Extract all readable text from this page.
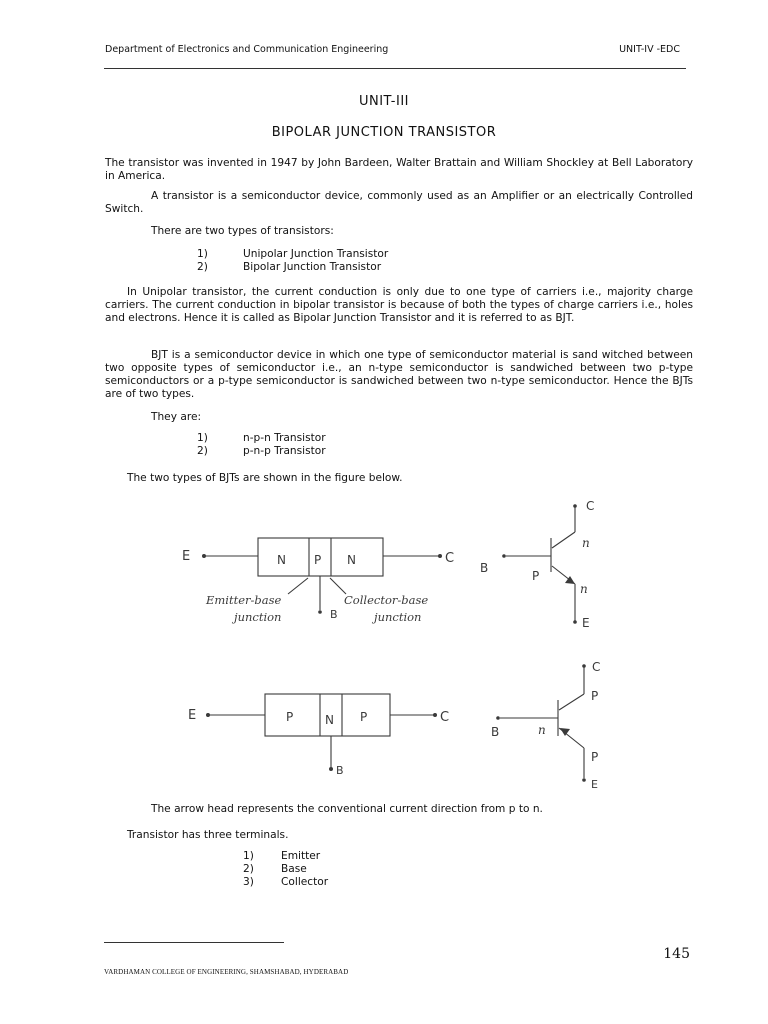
Department of Electronics and Communication Engineering	UNIT-IV -EDC
UNIT-III
BIPOLAR JUNCTION TRANSISTOR
The transistor was invented in 1947 by John Bardeen, Walter Brattain and William Shockley at Bell Laboratory in America.
A transistor is a semiconductor device, commonly used as an Amplifier or an electrically Controlled Switch.
There are two types of transistors:
1)	Unipolar Junction Transistor
2)	Bipolar Junction Transistor
In Unipolar transistor, the current conduction is only due to one type of carriers i.e., majority charge carriers. The current conduction in bipolar transistor is because of both the types of charge carriers i.e., holes and electrons. Hence it is called as Bipolar Junction Transistor and it is referred to as BJT.
BJT is a semiconductor device in which one type of semiconductor material is sand witched between two opposite types of semiconductor i.e., an n-type semiconductor is sandwiched between two p-type semiconductors or a p-type semiconductor is sandwiched between two n-type semiconductor. Hence the BJTs are of two types.
They are:
1)	n-p-n Transistor
2)	p-n-p Transistor
The two types of BJTs are shown in the figure below.
E	N P N	C
B
Emitter-base
junction
Collector-base
junction
C
n
B
P
n
E
E	P	N P	C
B
C
P
B	n
P
E
The arrow head represents the conventional current direction from p to n.
Transistor has three terminals.
1)	Emitter
2)	Base
3)	Collector
145
VARDHAMAN COLLEGE OF ENGINEERING, SHAMSHABAD, HYDERABAD
